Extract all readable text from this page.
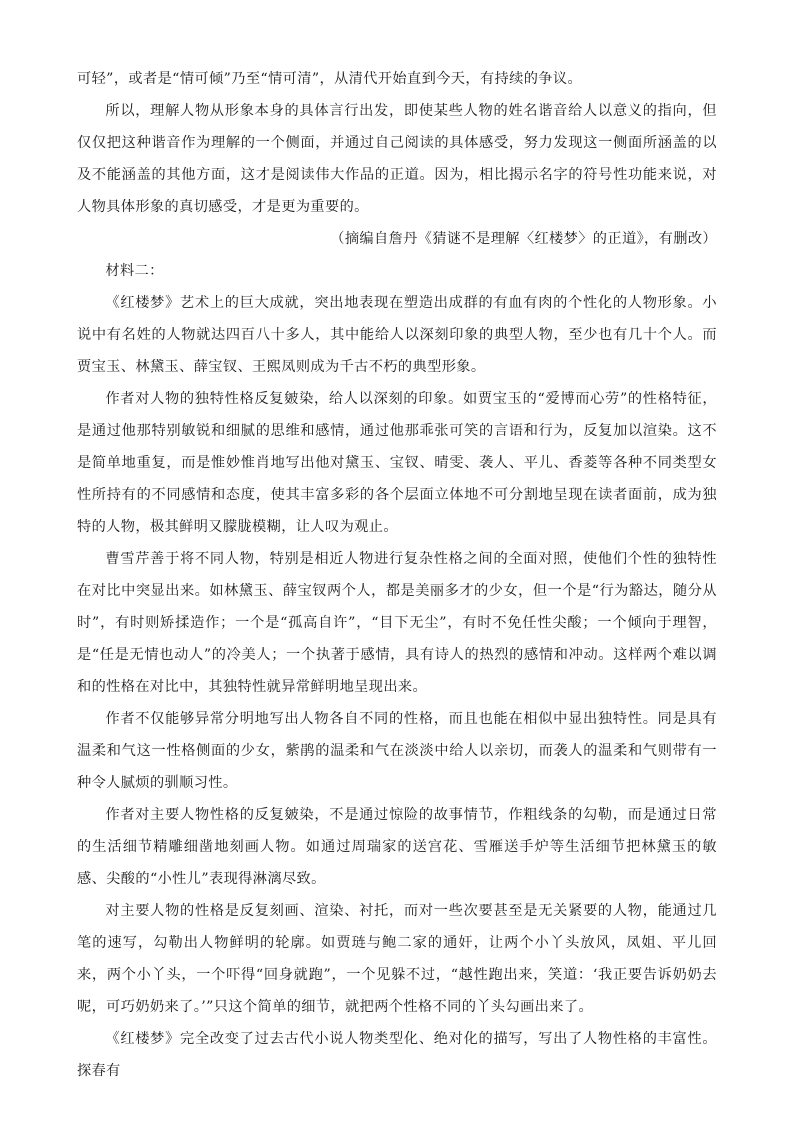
可轻”，或者是“情可倾”乃至“情可清”，从清代开始直到今天，有持续的争议。

所以，理解人物从形象本身的具体言行出发，即使某些人物的姓名谐音给人以意义的指向，但仅仅把这种谐音作为理解的一个侧面，并通过自己阅读的具体感受，努力发现这一侧面所涵盖的以及不能涵盖的其他方面，这才是阅读伟大作品的正道。因为，相比揭示名字的符号性功能来说，对人物具体形象的真切感受，才是更为重要的。

（摘编自詹丹《猜谜不是理解〈红楼梦〉的正道》，有删改）

材料二：

《红楼梦》艺术上的巨大成就，突出地表现在塑造出成群的有血有肉的个性化的人物形象。小说中有名姓的人物就达四百八十多人，其中能给人以深刻印象的典型人物，至少也有几十个人。而贾宝玉、林黛玉、薛宝钗、王熙凤则成为千古不朽的典型形象。

作者对人物的独特性格反复皴染，给人以深刻的印象。如贾宝玉的“爱博而心劳”的性格特征，是通过他那特别敏锐和细腻的思维和感情，通过他那乖张可笑的言语和行为，反复加以渲染。这不是简单地重复，而是惟妙惟肖地写出他对黛玉、宝钗、晴雯、袭人、平儿、香菱等各种不同类型女性所持有的不同感情和态度，使其丰富多彩的各个层面立体地不可分割地呈现在读者面前，成为独特的人物，极其鲜明又朦胧模糊，让人叹为观止。

曹雪芹善于将不同人物，特别是相近人物进行复杂性格之间的全面对照，使他们个性的独特性在对比中突显出来。如林黛玉、薛宝钗两个人，都是美丽多才的少女，但一个是“行为豁达，随分从时”，有时则矫揉造作；一个是“孤高自许”，“目下无尘”，有时不免任性尖酸；一个倾向于理智，是“任是无情也动人”的冷美人；一个执著于感情，具有诗人的热烈的感情和冲动。这样两个难以调和的性格在对比中，其独特性就异常鲜明地呈现出来。

作者不仅能够异常分明地写出人物各自不同的性格，而且也能在相似中显出独特性。同是具有温柔和气这一性格侧面的少女，紫鹃的温柔和气在淡淡中给人以亲切，而袭人的温柔和气则带有一种令人腻烦的驯顺习性。

作者对主要人物性格的反复皴染，不是通过惊险的故事情节，作粗线条的勾勒，而是通过日常的生活细节精雕细凿地刻画人物。如通过周瑞家的送宫花、雪雁送手炉等生活细节把林黛玉的敏感、尖酸的“小性儿”表现得淋漓尽致。

对主要人物的性格是反复刻画、渲染、衬托，而对一些次要甚至是无关紧要的人物，能通过几笔的速写，勾勒出人物鲜明的轮廓。如贾琏与鲍二家的通奸，让两个小丫头放风，凤姐、平儿回来，两个小丫头，一个吓得“回身就跑”，一个见躲不过，“越性跑出来，笑道：‘我正要告诉奶奶去呢，可巧奶奶来了。’”只这个简单的细节，就把两个性格不同的丫头勾画出来了。

《红楼梦》完全改变了过去古代小说人物类型化、绝对化的描写，写出了人物性格的丰富性。探春有
